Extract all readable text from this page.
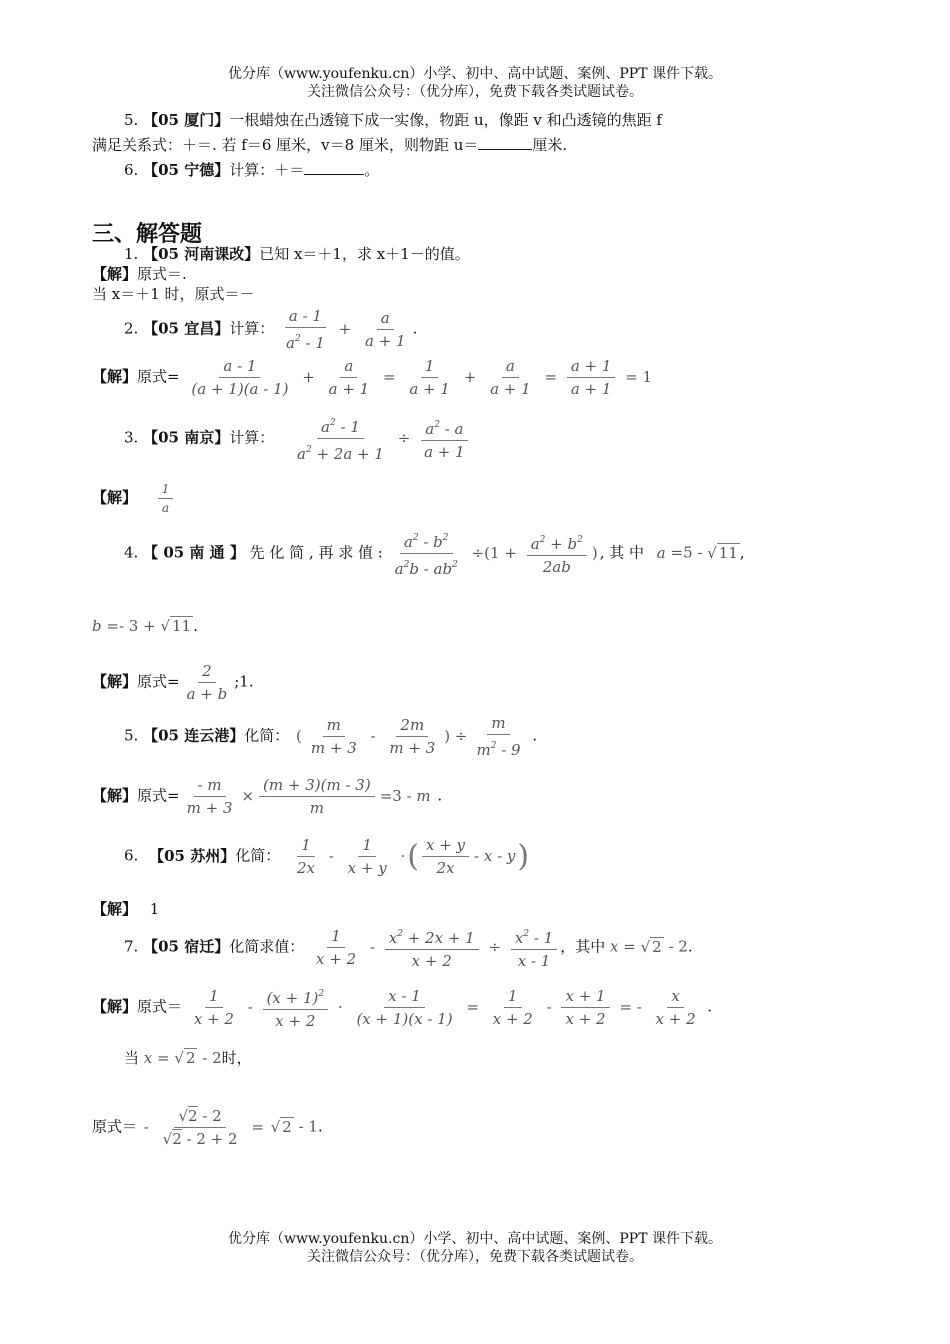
优分库（www.youfenku.cn）小学、初中、高中试题、案例、PPT 课件下载。
关注微信公众号：（优分库），免费下载各类试题试卷。
5. 【05 厦门】一根蜡烛在凸透镜下成一实像，物距 u，像距 v 和凸透镜的焦距 f
满足关系式：＋＝. 若 f＝6 厘米，v＝8 厘米，则物距 u＝	厘米.
6. 【05 宁德】计算：＋＝	。
三、解答题
1. 【05 河南课改】已知 x＝＋1，求 x＋1－的值。
【解】原式＝.
当 x＝＋1 时，原式＝－
2. 【05 宜昌】计算： $\frac{a - 1}{a^2 - 1} + \frac{a}{a + 1}$ .
【解】原式= $\frac{a - 1}{(a + 1)(a - 1)} + \frac{a}{a + 1} = \frac{1}{a + 1} + \frac{a}{a + 1} = \frac{a + 1}{a + 1} = 1$
3. 【05 南京】计算： $\frac{a^2 - 1}{a^2 + 2a + 1} \div \frac{a^2 - a}{a + 1}$
【解】 $\frac{1}{a}$
4. 【 05 南 通 】 先 化 简 , 再 求 值 : $\frac{a^2 - b^2}{a^2b - ab^2} \div(1 + \frac{a^2 + b^2}{2ab}$ ) , 其 中 a =5 - √ 11 ,
b =- 3 + √ 11 .
【解】原式= $\frac{2}{a + b}$ ;1.
5. 【05 连云港】化简： ( $\frac{m}{m + 3} - \frac{2m}{m + 3}$ ) ÷ $\frac{m}{m^2 - 9}$ .
【解】原式= $\frac{- m}{m + 3} \times \frac{(m + 3)(m - 3)}{m} =3 - m$ .
6. 【05 苏州】化简： $\frac{1}{2x} - \frac{1}{x + y}$ ·( $\frac{x + y}{2x}$ - x - y)
【解】 1
7. 【05 宿迁】化简求值： $\frac{1}{x + 2} - \frac{x^2 + 2x + 1}{x + 2} \div \frac{x^2 - 1}{x - 1}$ ，其中 x = √ 2 - 2.
【解】原式＝ $\frac{1}{x + 2} - \frac{(x + 1)^2}{x + 2} \cdot \frac{x - 1}{(x + 1)(x - 1)} = \frac{1}{x + 2} - \frac{x + 1}{x + 2}$ = - $\frac{x}{x + 2}$ .
当 x = √ 2 - 2时，
原式＝ - $\frac{√2 - 2}{√2 - 2 + 2}$ = √ 2 - 1.
优分库（www.youfenku.cn）小学、初中、高中试题、案例、PPT 课件下载。
关注微信公众号：（优分库），免费下载各类试题试卷。
